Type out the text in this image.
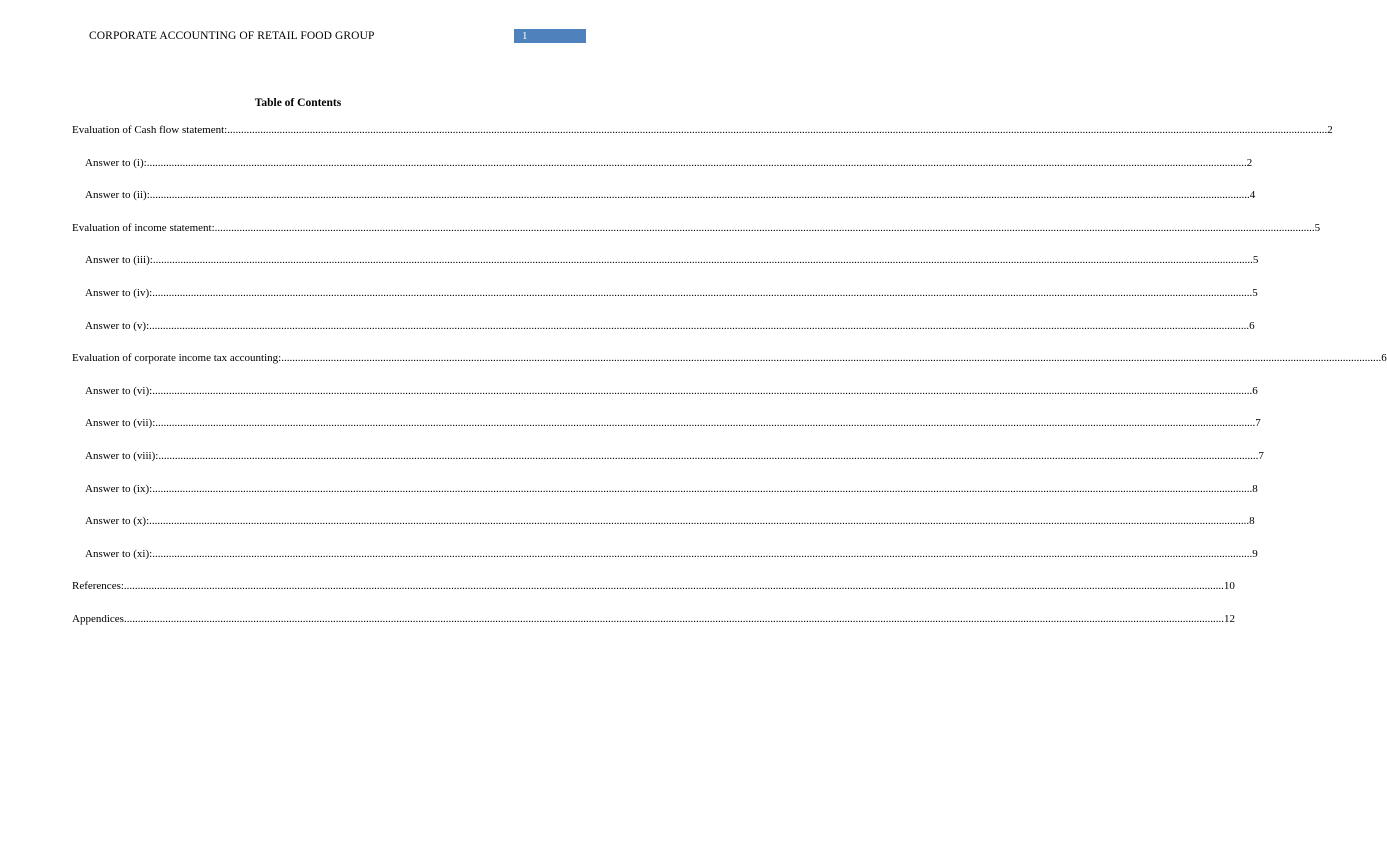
CORPORATE ACCOUNTING OF RETAIL FOOD GROUP	1
Table of Contents
Evaluation of Cash flow statement: ................................................................................................................................................................................................................................................................................................................................................................................................................ 2
Answer to (i): ................................................................................................................................................................................................................................................................................................................................................................................................................ 2
Answer to (ii): ................................................................................................................................................................................................................................................................................................................................................................................................................ 4
Evaluation of income statement: ................................................................................................................................................................................................................................................................................................................................................................................................................ 5
Answer to (iii): ................................................................................................................................................................................................................................................................................................................................................................................................................ 5
Answer to (iv): ................................................................................................................................................................................................................................................................................................................................................................................................................ 5
Answer to (v): ................................................................................................................................................................................................................................................................................................................................................................................................................ 6
Evaluation of corporate income tax accounting: ................................................................................................................................................................................................................................................................................................................................................................................................................ 6
Answer to (vi): ................................................................................................................................................................................................................................................................................................................................................................................................................ 6
Answer to (vii): ................................................................................................................................................................................................................................................................................................................................................................................................................ 7
Answer to (viii): ................................................................................................................................................................................................................................................................................................................................................................................................................ 7
Answer to (ix): ................................................................................................................................................................................................................................................................................................................................................................................................................ 8
Answer to (x): ................................................................................................................................................................................................................................................................................................................................................................................................................ 8
Answer to (xi): ................................................................................................................................................................................................................................................................................................................................................................................................................ 9
References: ................................................................................................................................................................................................................................................................................................................................................................................................................ 10
Appendices ................................................................................................................................................................................................................................................................................................................................................................................................................ 12
